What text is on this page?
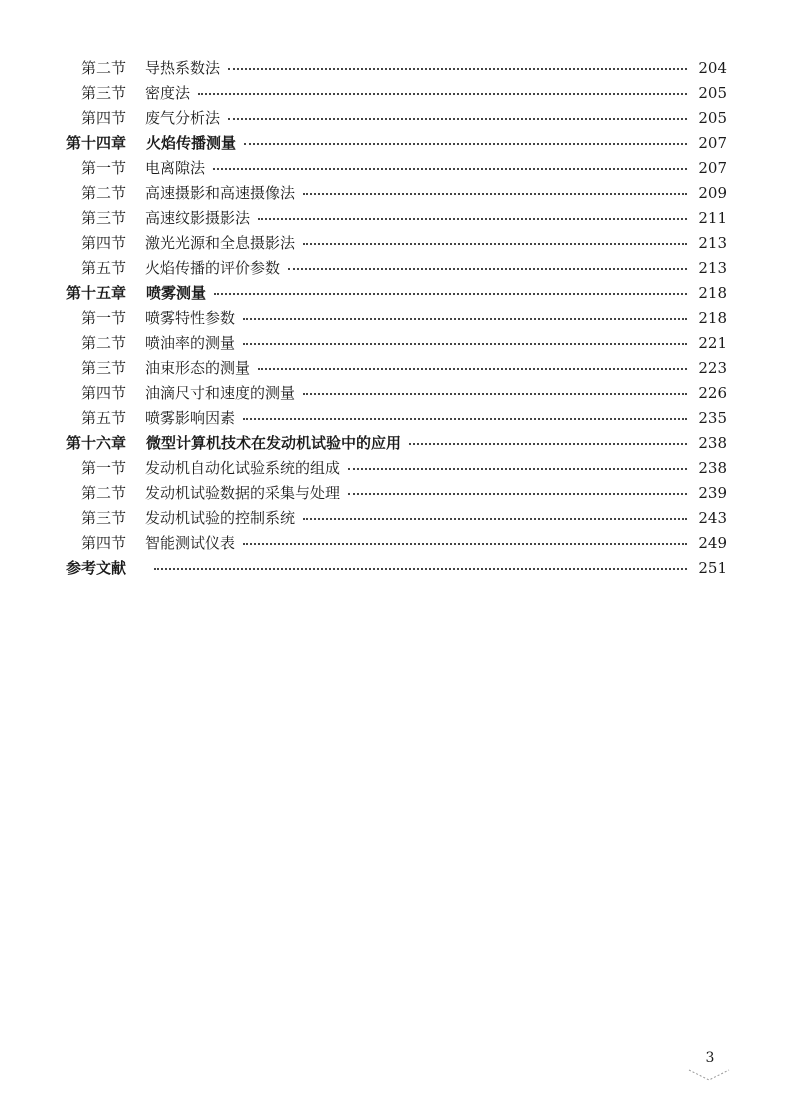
第二节	导热系数法	204
第三节	密度法	205
第四节	废气分析法	205
第十四章	火焰传播测量	207
第一节	电离隙法	207
第二节	高速摄影和高速摄像法	209
第三节	高速纹影摄影法	211
第四节	激光光源和全息摄影法	213
第五节	火焰传播的评价参数	213
第十五章	喷雾测量	218
第一节	喷雾特性参数	218
第二节	喷油率的测量	221
第三节	油束形态的测量	223
第四节	油滴尺寸和速度的测量	226
第五节	喷雾影响因素	235
第十六章	微型计算机技术在发动机试验中的应用	238
第一节	发动机自动化试验系统的组成	238
第二节	发动机试验数据的采集与处理	239
第三节	发动机试验的控制系统	243
第四节	智能测试仪表	249
参考文献	251
3
